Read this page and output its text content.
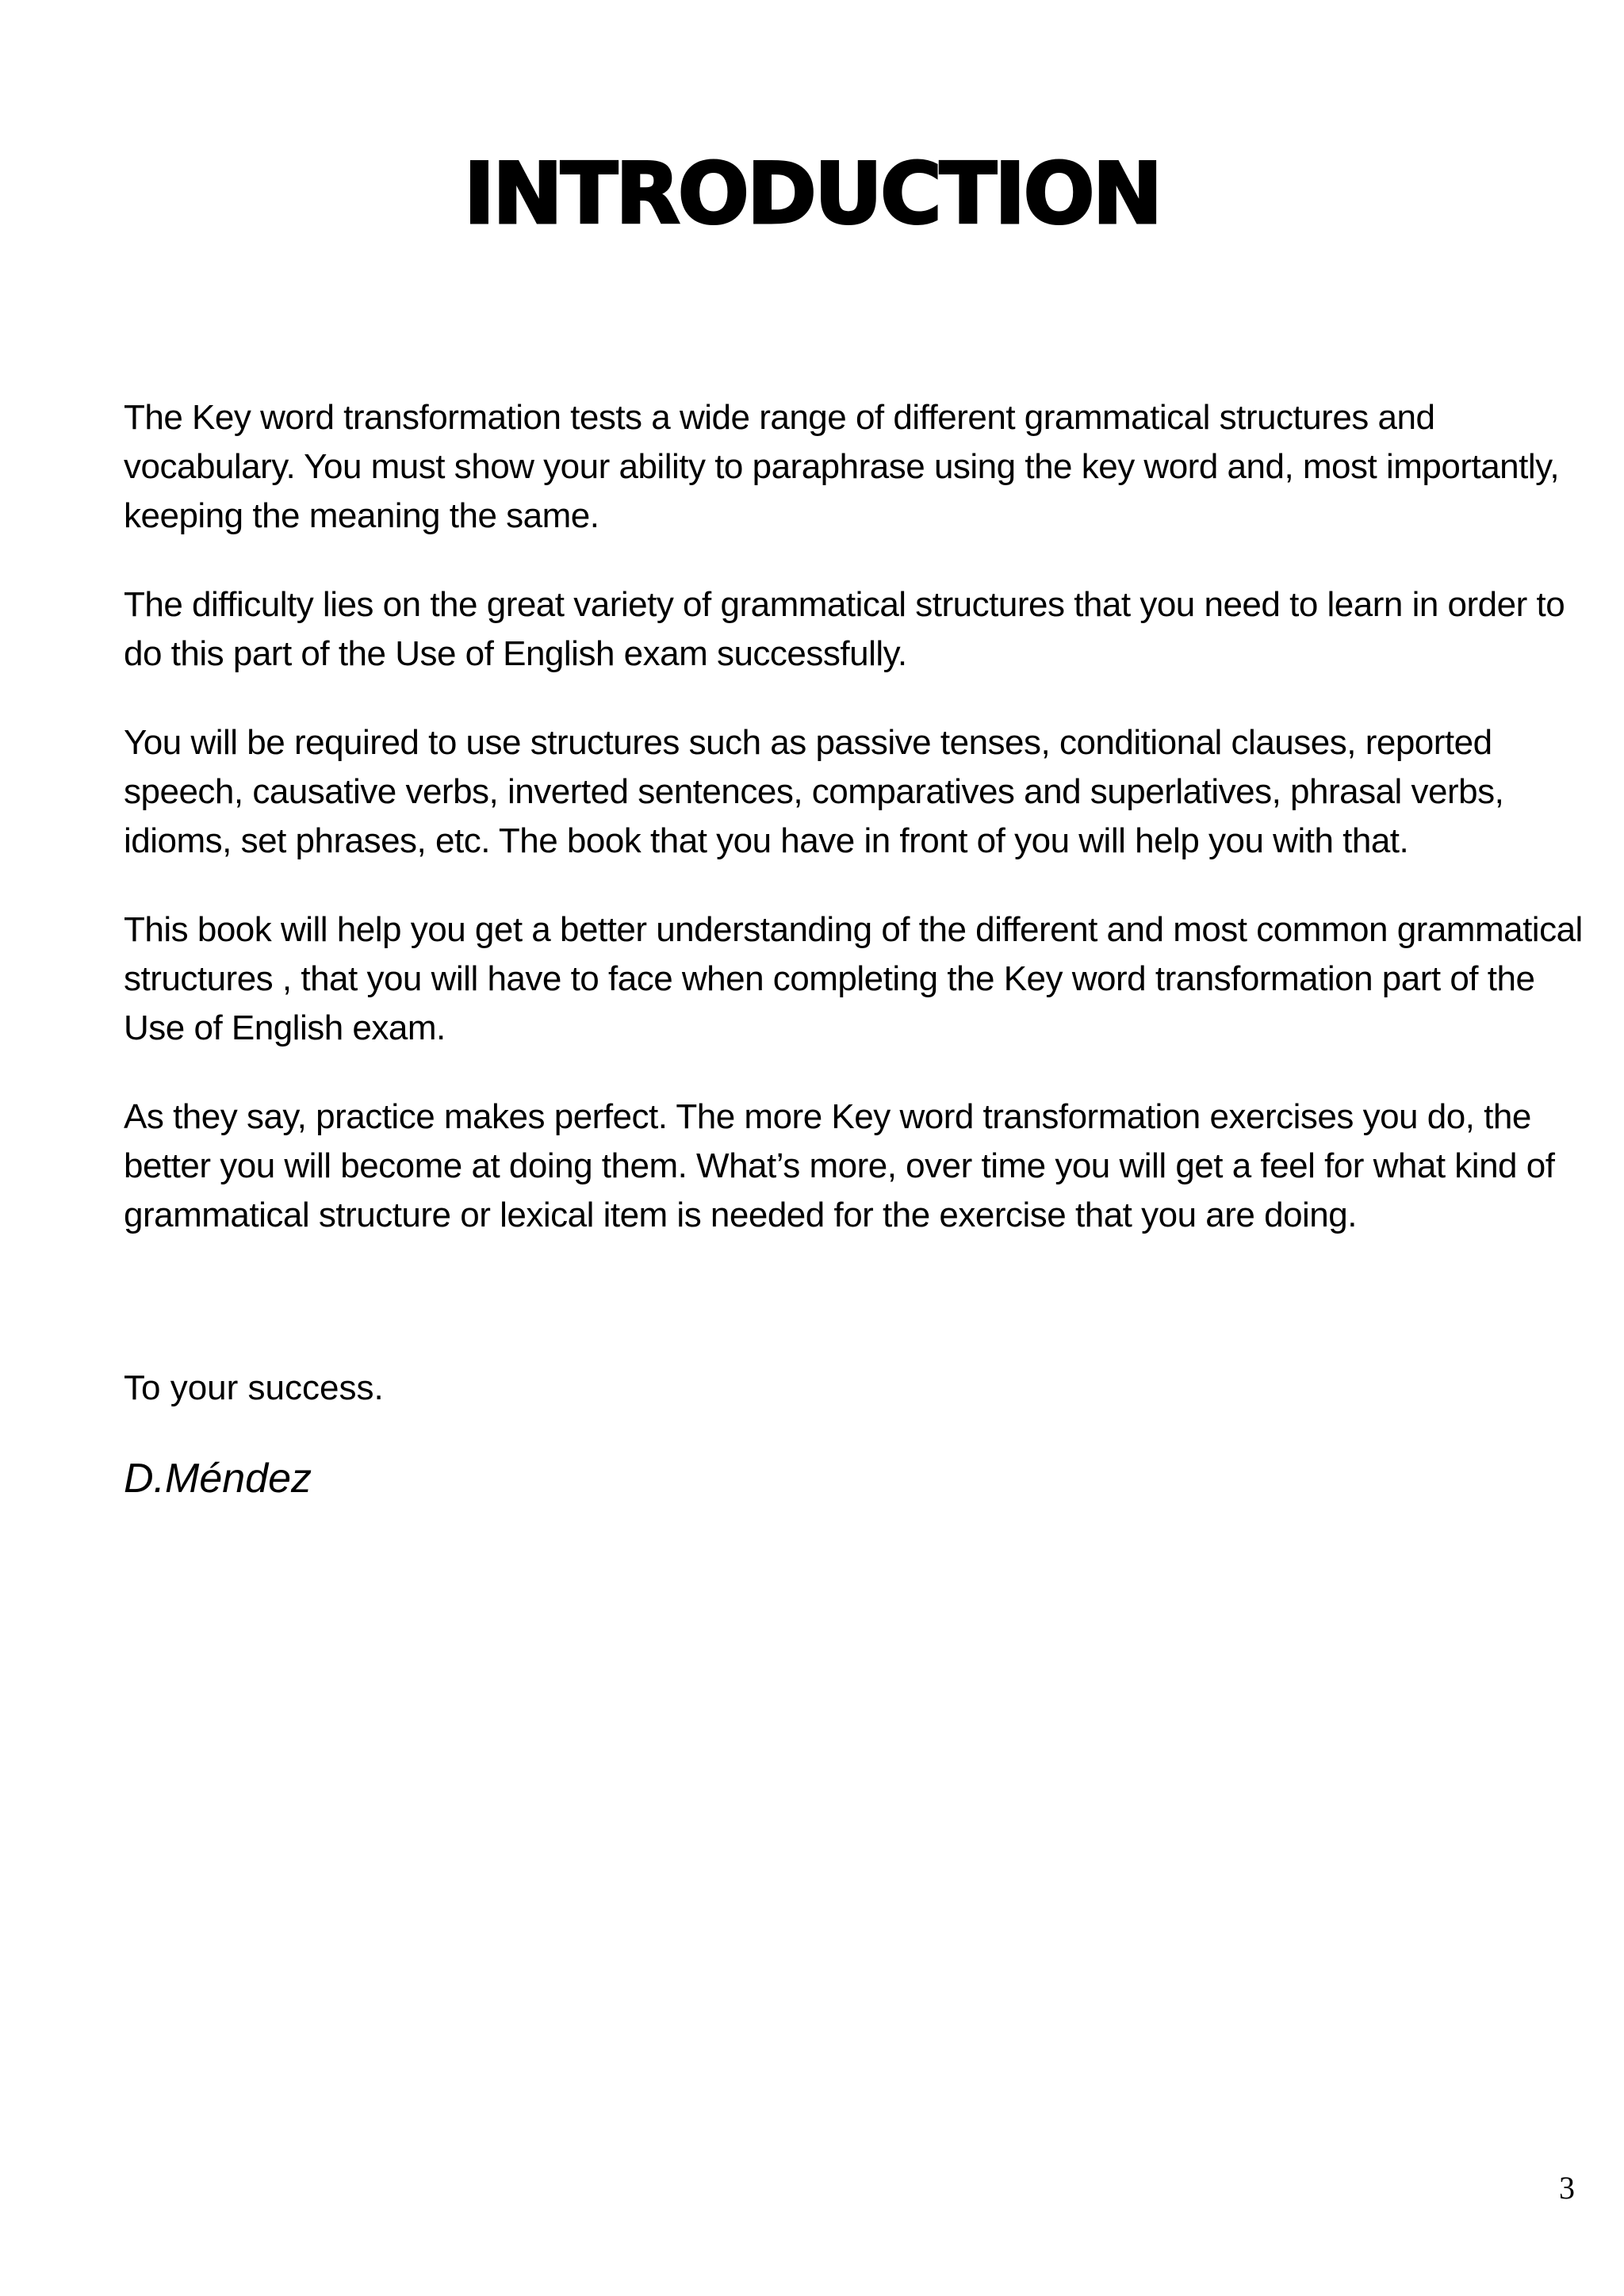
INTRODUCTION

The Key word transformation tests a wide range of different grammatical structures and vocabulary. You must show your ability to paraphrase using the key word and, most importantly, keeping the meaning the same.

The difficulty lies on the great variety of grammatical structures that you need to learn in order to do this part of the Use of English exam successfully.

You will be required to use structures such as passive tenses, conditional clauses, reported speech, causative verbs, inverted sentences, comparatives and superlatives, phrasal verbs, idioms, set phrases, etc. The book that you have in front of you will help you with that.

This book will help you get a better understanding of the different and most common grammatical structures , that you will have to face when completing the Key word transformation part of the Use of English exam.

As they say, practice makes perfect. The more Key word transformation exercises you do, the better you will become at doing them. What’s more, over time you will get a feel for what kind of grammatical structure or lexical item is needed for the exercise that you are doing.

To your success.

D.Méndez

3
